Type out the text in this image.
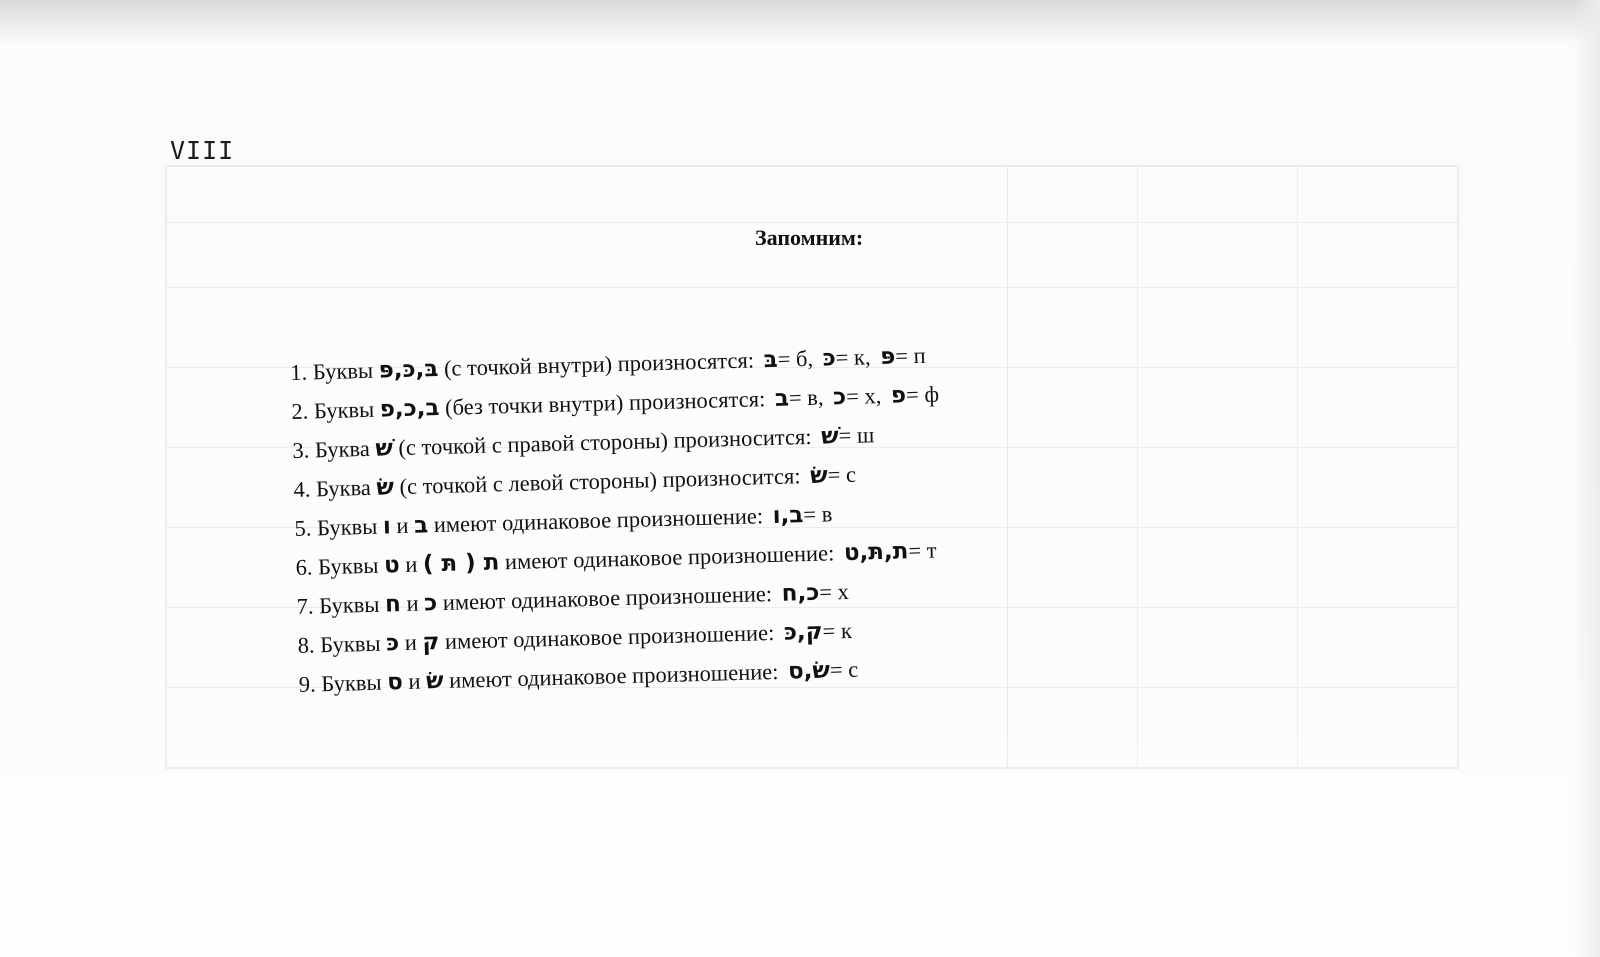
VIII
Запомним:
1. Буквы בּ,כּ,פּ (с точкой внутри) произносятся: בּ= б, כּ= к, פּ= п
2. Буквы ב,כ,פ (без точки внутри) произносятся: ב= в, כ= х, פ= ф
3. Буква שׁ (с точкой с правой стороны) произносится: שׁ= ш
4. Буква שׂ (с точкой с левой стороны) произносится: שׂ= с
5. Буквы ו и ב имеют одинаковое произношение: ב,ו= в
6. Буквы ט и ת ( תּ ) имеют одинаковое произношение: ת,תּ,ט= т
7. Буквы ח и כ имеют одинаковое произношение: כ,ח= х
8. Буквы כּ и ק имеют одинаковое произношение: ק,כּ= к
9. Буквы ס и שׂ имеют одинаковое произношение: שׂ,ס= с
